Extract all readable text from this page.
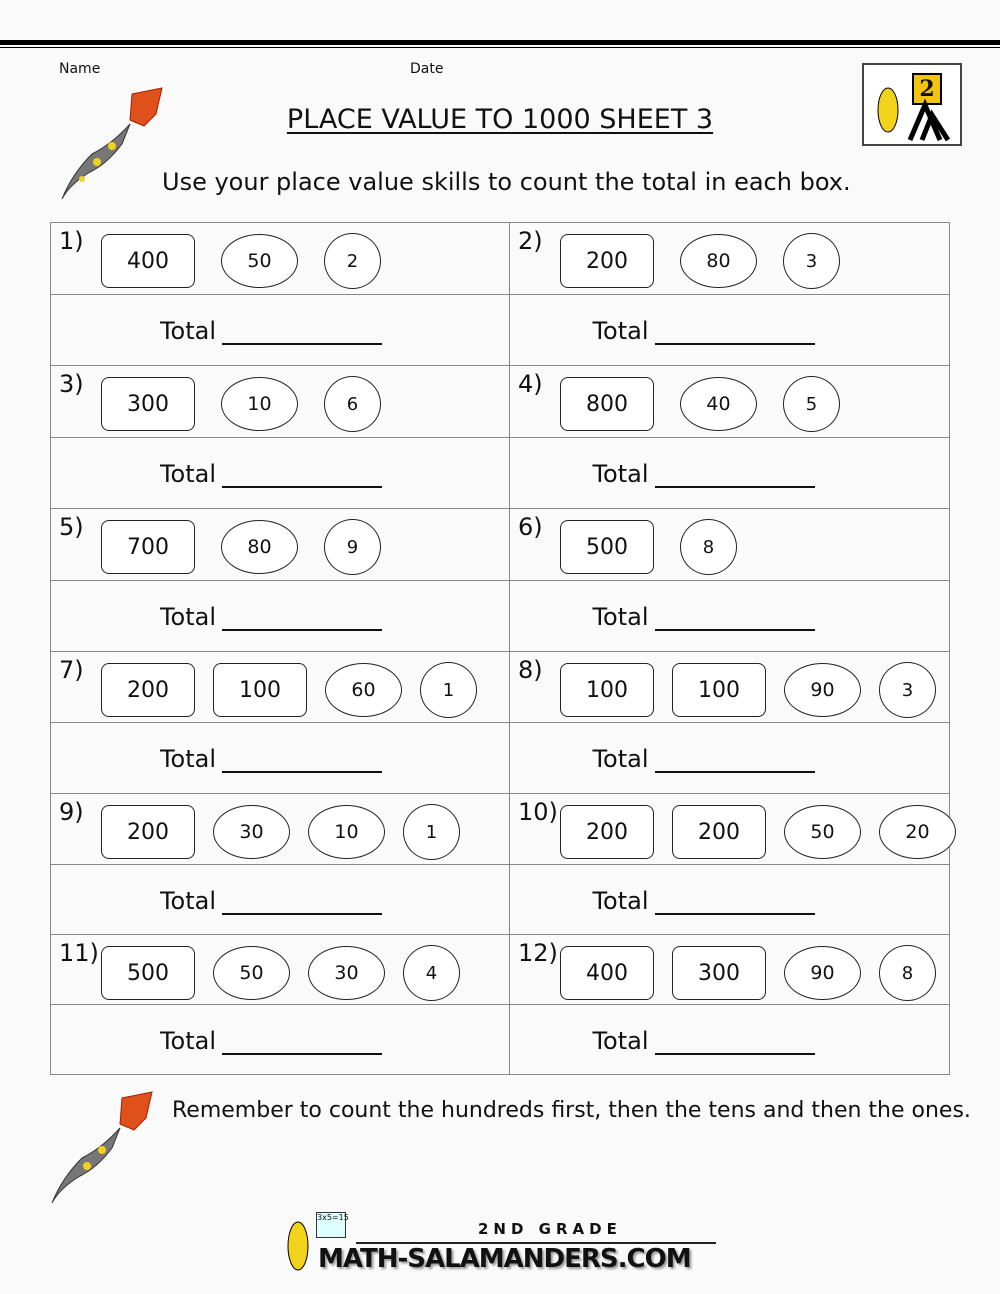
Name	Date
PLACE VALUE TO 1000 SHEET 3
Use your place value skills to count the total in each box.
2
1)
400	50	2
2)
200	80	3
Total	Total
3)
300	10	6
4)
800	40	5
Total	Total
5)
700	80	9
6)
500	8
Total	Total
7)
200	100	60	1
8)
100	100	90	3
Total	Total
9)
200	30	10	1
10)
200	200	50	20
Total	Total
11)
500	50	30	4
12)
400	300	90	8
Total	Total
Remember to count the hundreds first, then the tens and then the ones.
3x5=15
2ND GRADE
MATH-SALAMANDERS.COM
